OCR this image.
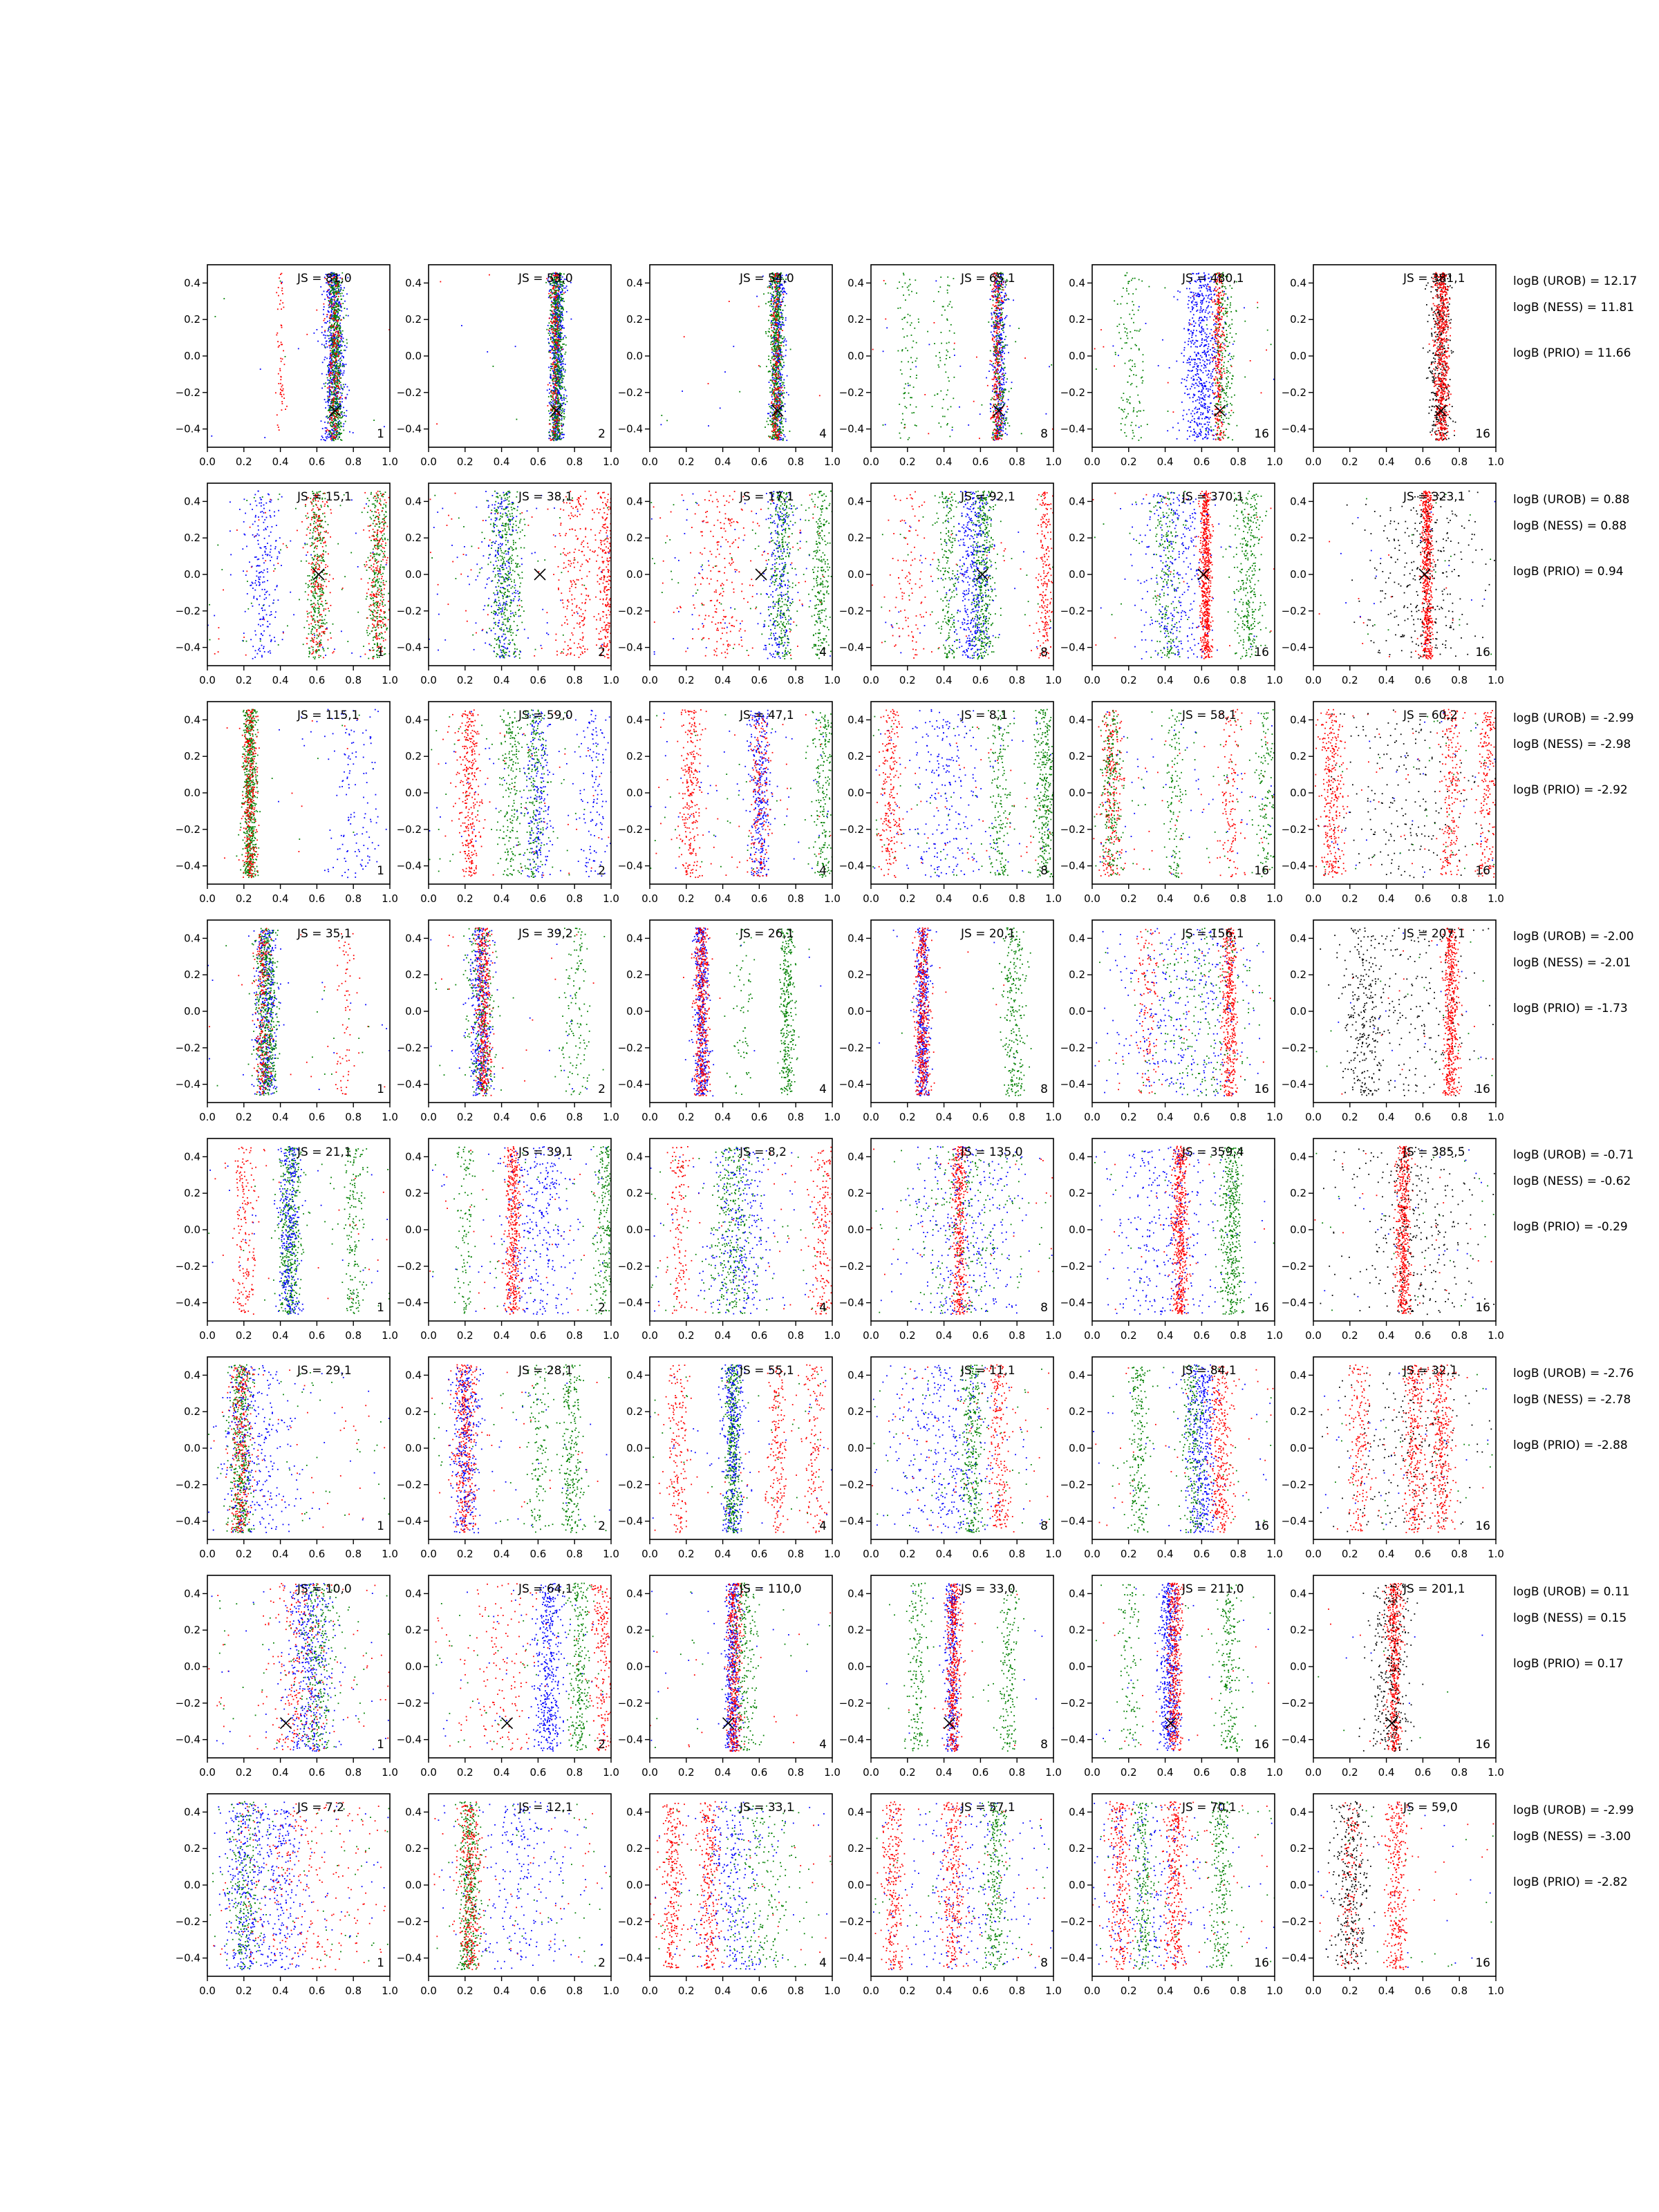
0.0 0.2 0.4 0.6 0.8 1.0
0.4
0.2
0.0
−0.2
−0.4
JS = 81,0
1
0.0 0.2 0.4 0.6 0.8 1.0
0.4
0.2
0.0
−0.2
−0.4
JS = 53,0
2
0.0 0.2 0.4 0.6 0.8 1.0
0.4
0.2
0.0
−0.2
−0.4
JS = 54,0
4
0.0 0.2 0.4 0.6 0.8 1.0
0.4
0.2
0.0
−0.2
−0.4
JS = 65,1
8
0.0 0.2 0.4 0.6 0.8 1.0
0.4
0.2
0.0
−0.2
−0.4
JS = 480,1
16
0.0 0.2 0.4 0.6 0.8 1.0
0.4
0.2
0.0
−0.2
−0.4
JS = 381,1
16
logB (UROB) = 12.17
logB (NESS) = 11.81
logB (PRIO) = 11.66
0.0 0.2 0.4 0.6 0.8 1.0
0.4
0.2
0.0
−0.2
−0.4
JS = 15,1
1
0.0 0.2 0.4 0.6 0.8 1.0
0.4
0.2
0.0
−0.2
−0.4
JS = 38,1
2
0.0 0.2 0.4 0.6 0.8 1.0
0.4
0.2
0.0
−0.2
−0.4
JS = 17,1
4
0.0 0.2 0.4 0.6 0.8 1.0
0.4
0.2
0.0
−0.2
−0.4
JS = 92,1
8
0.0 0.2 0.4 0.6 0.8 1.0
0.4
0.2
0.0
−0.2
−0.4
JS = 370,1
16
0.0 0.2 0.4 0.6 0.8 1.0
0.4
0.2
0.0
−0.2
−0.4
JS = 323,1
16
logB (UROB) = 0.88
logB (NESS) = 0.88
logB (PRIO) = 0.94
0.0 0.2 0.4 0.6 0.8 1.0
0.4
0.2
0.0
−0.2
−0.4
JS = 115,1
1
0.0 0.2 0.4 0.6 0.8 1.0
0.4
0.2
0.0
−0.2
−0.4
JS = 59,0
2
0.0 0.2 0.4 0.6 0.8 1.0
0.4
0.2
0.0
−0.2
−0.4
JS = 47,1
4
0.0 0.2 0.4 0.6 0.8 1.0
0.4
0.2
0.0
−0.2
−0.4
JS = 8,1
8
0.0 0.2 0.4 0.6 0.8 1.0
0.4
0.2
0.0
−0.2
−0.4
JS = 58,1
16
0.0 0.2 0.4 0.6 0.8 1.0
0.4
0.2
0.0
−0.2
−0.4
JS = 60,2
16
logB (UROB) = -2.99
logB (NESS) = -2.98
logB (PRIO) = -2.92
0.0 0.2 0.4 0.6 0.8 1.0
0.4
0.2
0.0
−0.2
−0.4
JS = 35,1
1
0.0 0.2 0.4 0.6 0.8 1.0
0.4
0.2
0.0
−0.2
−0.4
JS = 39,2
2
0.0 0.2 0.4 0.6 0.8 1.0
0.4
0.2
0.0
−0.2
−0.4
JS = 26,1
4
0.0 0.2 0.4 0.6 0.8 1.0
0.4
0.2
0.0
−0.2
−0.4
JS = 20,1
8
0.0 0.2 0.4 0.6 0.8 1.0
0.4
0.2
0.0
−0.2
−0.4
JS = 156,1
16
0.0 0.2 0.4 0.6 0.8 1.0
0.4
0.2
0.0
−0.2
−0.4
JS = 207,1
16
logB (UROB) = -2.00
logB (NESS) = -2.01
logB (PRIO) = -1.73
0.0 0.2 0.4 0.6 0.8 1.0
0.4
0.2
0.0
−0.2
−0.4
JS = 21,1
1
0.0 0.2 0.4 0.6 0.8 1.0
0.4
0.2
0.0
−0.2
−0.4
JS = 39,1
2
0.0 0.2 0.4 0.6 0.8 1.0
0.4
0.2
0.0
−0.2
−0.4
JS = 8,2
4
0.0 0.2 0.4 0.6 0.8 1.0
0.4
0.2
0.0
−0.2
−0.4
JS = 135,0
8
0.0 0.2 0.4 0.6 0.8 1.0
0.4
0.2
0.0
−0.2
−0.4
JS = 359,4
16
0.0 0.2 0.4 0.6 0.8 1.0
0.4
0.2
0.0
−0.2
−0.4
JS = 385,5
16
logB (UROB) = -0.71
logB (NESS) = -0.62
logB (PRIO) = -0.29
0.0 0.2 0.4 0.6 0.8 1.0
0.4
0.2
0.0
−0.2
−0.4
JS = 29,1
1
0.0 0.2 0.4 0.6 0.8 1.0
0.4
0.2
0.0
−0.2
−0.4
JS = 28,1
2
0.0 0.2 0.4 0.6 0.8 1.0
0.4
0.2
0.0
−0.2
−0.4
JS = 55,1
4
0.0 0.2 0.4 0.6 0.8 1.0
0.4
0.2
0.0
−0.2
−0.4
JS = 11,1
8
0.0 0.2 0.4 0.6 0.8 1.0
0.4
0.2
0.0
−0.2
−0.4
JS = 84,1
16
0.0 0.2 0.4 0.6 0.8 1.0
0.4
0.2
0.0
−0.2
−0.4
JS = 32,1
16
logB (UROB) = -2.76
logB (NESS) = -2.78
logB (PRIO) = -2.88
0.0 0.2 0.4 0.6 0.8 1.0
0.4
0.2
0.0
−0.2
−0.4
JS = 10,0
1
0.0 0.2 0.4 0.6 0.8 1.0
0.4
0.2
0.0
−0.2
−0.4
JS = 64,1
2
0.0 0.2 0.4 0.6 0.8 1.0
0.4
0.2
0.0
−0.2
−0.4
JS = 110,0
4
0.0 0.2 0.4 0.6 0.8 1.0
0.4
0.2
0.0
−0.2
−0.4
JS = 33,0
8
0.0 0.2 0.4 0.6 0.8 1.0
0.4
0.2
0.0
−0.2
−0.4
JS = 211,0
16
0.0 0.2 0.4 0.6 0.8 1.0
0.4
0.2
0.0
−0.2
−0.4
JS = 201,1
16
logB (UROB) = 0.11
logB (NESS) = 0.15
logB (PRIO) = 0.17
0.0 0.2 0.4 0.6 0.8 1.0
0.4
0.2
0.0
−0.2
−0.4
JS = 7,2
1
0.0 0.2 0.4 0.6 0.8 1.0
0.4
0.2
0.0
−0.2
−0.4
JS = 12,1
2
0.0 0.2 0.4 0.6 0.8 1.0
0.4
0.2
0.0
−0.2
−0.4
JS = 33,1
4
0.0 0.2 0.4 0.6 0.8 1.0
0.4
0.2
0.0
−0.2
−0.4
JS = 57,1
8
0.0 0.2 0.4 0.6 0.8 1.0
0.4
0.2
0.0
−0.2
−0.4
JS = 70,1
16
0.0 0.2 0.4 0.6 0.8 1.0
0.4
0.2
0.0
−0.2
−0.4
JS = 59,0
16
logB (UROB) = -2.99
logB (NESS) = -3.00
logB (PRIO) = -2.82
